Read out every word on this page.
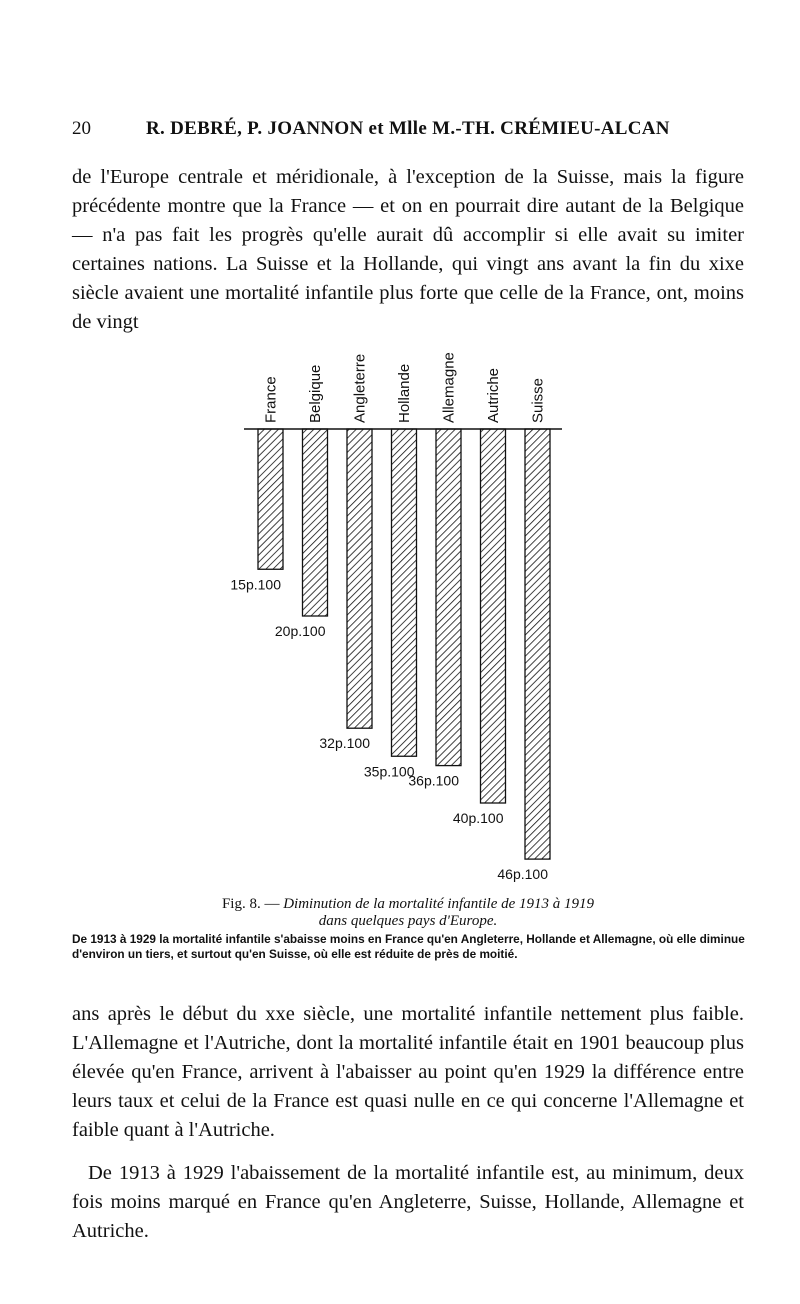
20	R. DEBRÉ, P. JOANNON et Mlle M.-TH. CRÉMIEU-ALCAN

de l'Europe centrale et méridionale, à l'exception de la Suisse, mais la figure précédente montre que la France — et on en pourrait dire autant de la Belgique — n'a pas fait les progrès qu'elle aurait dû accomplir si elle avait su imiter certaines nations. La Suisse et la Hollande, qui vingt ans avant la fin du xixe siècle avaient une mortalité infantile plus forte que celle de la France, ont, moins de vingt

France
15p.100
Belgique
20p.100
Angleterre
32p.100
Hollande
35p.100
Allemagne
36p.100
Autriche
40p.100
Suisse
46p.100
Fig. 8. — Diminution de la mortalité infantile de 1913 à 1919
dans quelques pays d'Europe.

De 1913 à 1929 la mortalité infantile s'abaisse moins en France qu'en Angleterre, Hollande et Allemagne, où elle diminue d'environ un tiers, et surtout qu'en Suisse, où elle est réduite de près de moitié.

ans après le début du xxe siècle, une mortalité infantile nettement plus faible. L'Allemagne et l'Autriche, dont la mortalité infantile était en 1901 beaucoup plus élevée qu'en France, arrivent à l'abaisser au point qu'en 1929 la différence entre leurs taux et celui de la France est quasi nulle en ce qui concerne l'Allemagne et faible quant à l'Autriche.

De 1913 à 1929 l'abaissement de la mortalité infantile est, au minimum, deux fois moins marqué en France qu'en Angleterre, Suisse, Hollande, Allemagne et Autriche.
